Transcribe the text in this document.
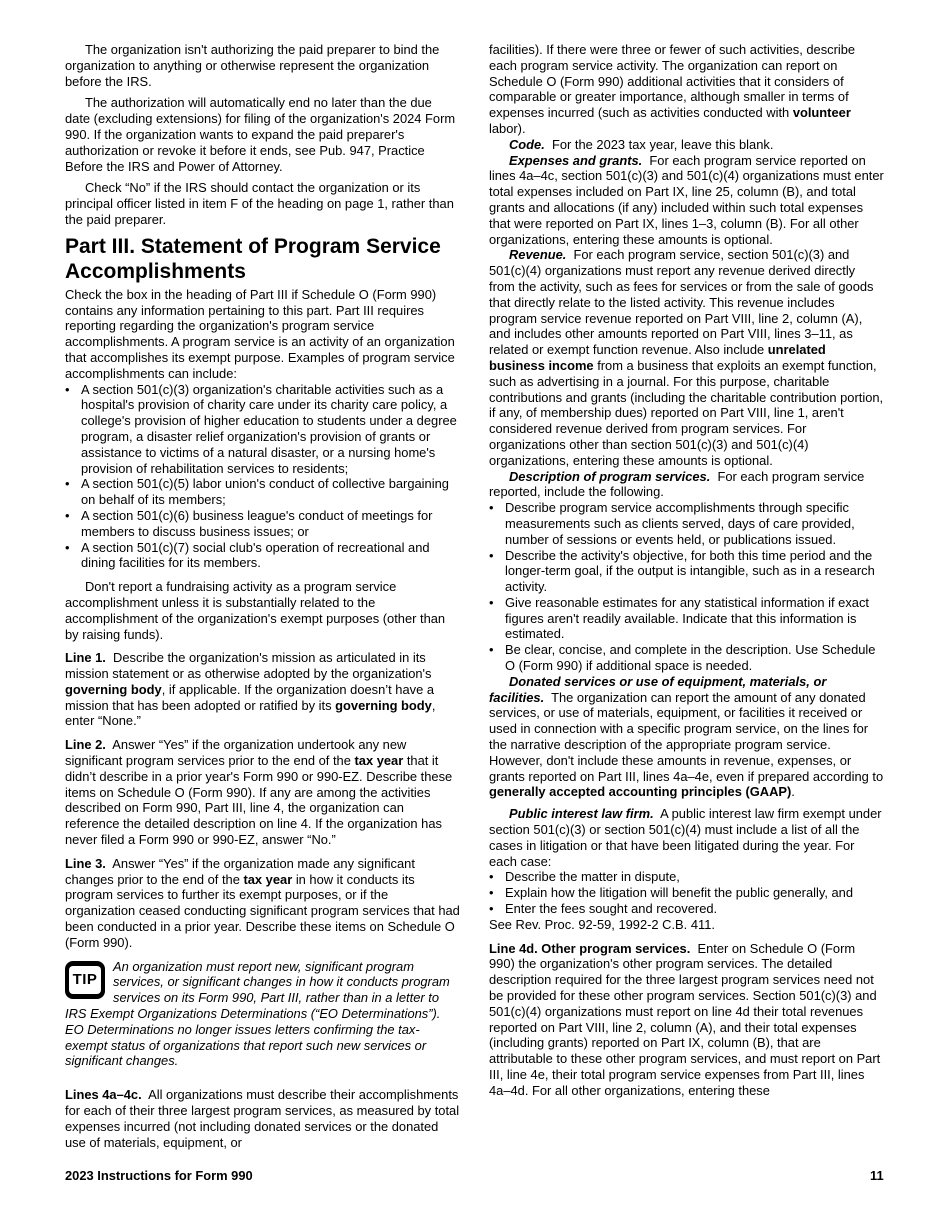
The organization isn't authorizing the paid preparer to bind the organization to anything or otherwise represent the organization before the IRS.

The authorization will automatically end no later than the due date (excluding extensions) for filing of the organization's 2024 Form 990. If the organization wants to expand the paid preparer's authorization or revoke it before it ends, see Pub. 947, Practice Before the IRS and Power of Attorney.

Check “No” if the IRS should contact the organization or its principal officer listed in item F of the heading on page 1, rather than the paid preparer.

Part III. Statement of Program Service Accomplishments

Check the box in the heading of Part III if Schedule O (Form 990) contains any information pertaining to this part. Part III requires reporting regarding the organization's program service accomplishments. A program service is an activity of an organization that accomplishes its exempt purpose. Examples of program service accomplishments can include:

• A section 501(c)(3) organization's charitable activities such as a hospital's provision of charity care under its charity care policy, a college's provision of higher education to students under a degree program, a disaster relief organization's provision of grants or assistance to victims of a natural disaster, or a nursing home's provision of rehabilitation services to residents;

• A section 501(c)(5) labor union's conduct of collective bargaining on behalf of its members;

• A section 501(c)(6) business league's conduct of meetings for members to discuss business issues; or

• A section 501(c)(7) social club's operation of recreational and dining facilities for its members.

Don't report a fundraising activity as a program service accomplishment unless it is substantially related to the accomplishment of the organization's exempt purposes (other than by raising funds).

Line 1. Describe the organization's mission as articulated in its mission statement or as otherwise adopted by the organization's governing body, if applicable. If the organization doesn’t have a mission that has been adopted or ratified by its governing body, enter “None.”

Line 2. Answer “Yes” if the organization undertook any new significant program services prior to the end of the tax year that it didn’t describe in a prior year's Form 990 or 990-EZ. Describe these items on Schedule O (Form 990). If any are among the activities described on Form 990, Part III, line 4, the organization can reference the detailed description on line 4. If the organization has never filed a Form 990 or 990-EZ, answer “No.”

Line 3. Answer “Yes” if the organization made any significant changes prior to the end of the tax year in how it conducts its program services to further its exempt purposes, or if the organization ceased conducting significant program services that had been conducted in a prior year. Describe these items on Schedule O (Form 990).

TIP
An organization must report new, significant program services, or significant changes in how it conducts program services on its Form 990, Part III, rather than in a letter to IRS Exempt Organizations Determinations (“EO Determinations”). EO Determinations no longer issues letters confirming the tax-exempt status of organizations that report such new services or significant changes.

Lines 4a–4c. All organizations must describe their accomplishments for each of their three largest program services, as measured by total expenses incurred (not including donated services or the donated use of materials, equipment, or

facilities). If there were three or fewer of such activities, describe each program service activity. The organization can report on Schedule O (Form 990) additional activities that it considers of comparable or greater importance, although smaller in terms of expenses incurred (such as activities conducted with volunteer labor).

Code. For the 2023 tax year, leave this blank.

Expenses and grants. For each program service reported on lines 4a–4c, section 501(c)(3) and 501(c)(4) organizations must enter total expenses included on Part IX, line 25, column (B), and total grants and allocations (if any) included within such total expenses that were reported on Part IX, lines 1–3, column (B). For all other organizations, entering these amounts is optional.

Revenue. For each program service, section 501(c)(3) and 501(c)(4) organizations must report any revenue derived directly from the activity, such as fees for services or from the sale of goods that directly relate to the listed activity. This revenue includes program service revenue reported on Part VIII, line 2, column (A), and includes other amounts reported on Part VIII, lines 3–11, as related or exempt function revenue. Also include unrelated business income from a business that exploits an exempt function, such as advertising in a journal. For this purpose, charitable contributions and grants (including the charitable contribution portion, if any, of membership dues) reported on Part VIII, line 1, aren't considered revenue derived from program services. For organizations other than section 501(c)(3) and 501(c)(4) organizations, entering these amounts is optional.

Description of program services. For each program service reported, include the following.

• Describe program service accomplishments through specific measurements such as clients served, days of care provided, number of sessions or events held, or publications issued.

• Describe the activity's objective, for both this time period and the longer-term goal, if the output is intangible, such as in a research activity.

• Give reasonable estimates for any statistical information if exact figures aren't readily available. Indicate that this information is estimated.

• Be clear, concise, and complete in the description. Use Schedule O (Form 990) if additional space is needed.

Donated services or use of equipment, materials, or facilities. The organization can report the amount of any donated services, or use of materials, equipment, or facilities it received or used in connection with a specific program service, on the lines for the narrative description of the appropriate program service. However, don't include these amounts in revenue, expenses, or grants reported on Part III, lines 4a–4e, even if prepared according to generally accepted accounting principles (GAAP).

Public interest law firm. A public interest law firm exempt under section 501(c)(3) or section 501(c)(4) must include a list of all the cases in litigation or that have been litigated during the year. For each case:

• Describe the matter in dispute,

• Explain how the litigation will benefit the public generally, and

• Enter the fees sought and recovered.

See Rev. Proc. 92-59, 1992-2 C.B. 411.

Line 4d. Other program services. Enter on Schedule O (Form 990) the organization's other program services. The detailed description required for the three largest program services need not be provided for these other program services. Section 501(c)(3) and 501(c)(4) organizations must report on line 4d their total revenues reported on Part VIII, line 2, column (A), and their total expenses (including grants) reported on Part IX, column (B), that are attributable to these other program services, and must report on Part III, line 4e, their total program service expenses from Part III, lines 4a–4d. For all other organizations, entering these

2023 Instructions for Form 990	11
